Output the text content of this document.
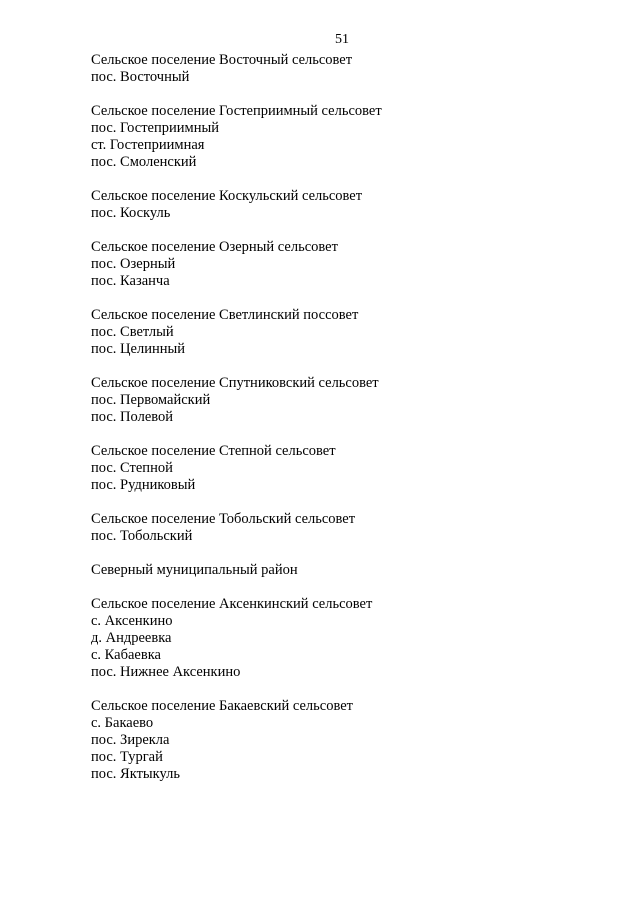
51
Сельское поселение Восточный сельсовет
пос. Восточный
Сельское поселение Гостеприимный сельсовет
пос. Гостеприимный
ст. Гостеприимная
пос. Смоленский
Сельское поселение Коскульский сельсовет
пос. Коскуль
Сельское поселение Озерный сельсовет
пос. Озерный
пос. Казанча
Сельское поселение Светлинский поссовет
пос. Светлый
пос. Целинный
Сельское поселение Спутниковский сельсовет
пос. Первомайский
пос. Полевой
Сельское поселение Степной сельсовет
пос. Степной
пос. Рудниковый
Сельское поселение Тобольский сельсовет
пос. Тобольский
Северный муниципальный район
Сельское поселение Аксенкинский сельсовет
с. Аксенкино
д. Андреевка
с. Кабаевка
пос. Нижнее Аксенкино
Сельское поселение Бакаевский сельсовет
с. Бакаево
пос. Зирекла
пос. Тургай
пос. Яктыкуль
